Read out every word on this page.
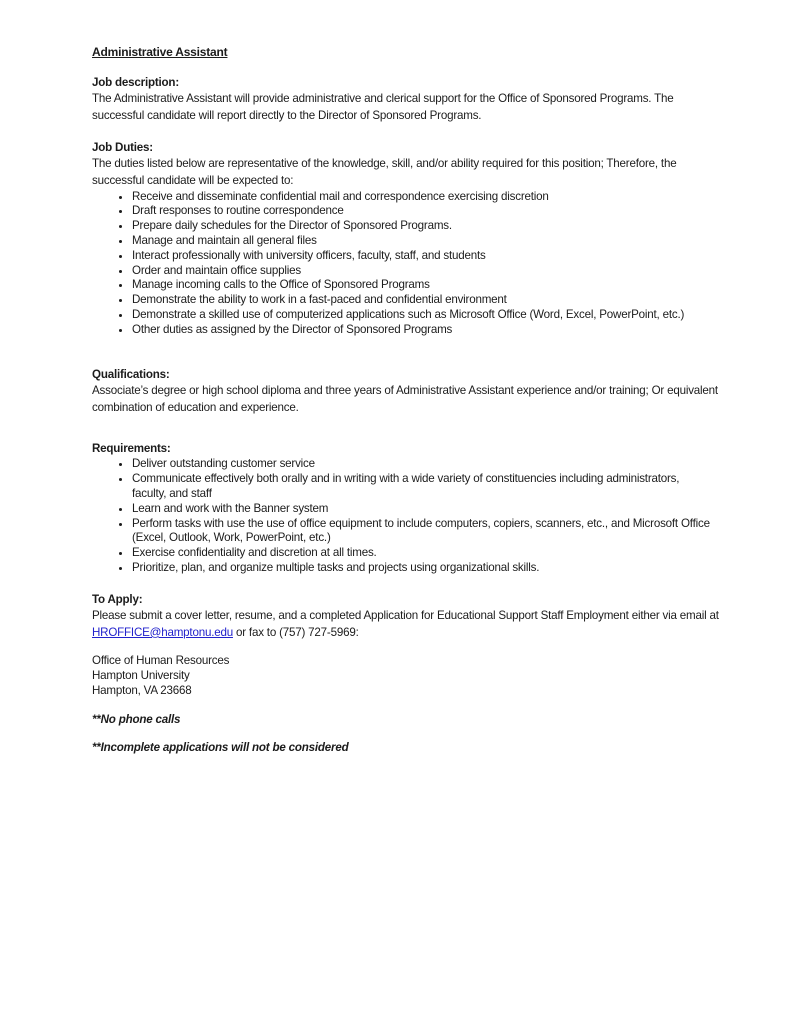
Administrative Assistant

Job description:

The Administrative Assistant will provide administrative and clerical support for the Office of Sponsored Programs. The
successful candidate will report directly to the Director of Sponsored Programs.

Job Duties:

The duties listed below are representative of the knowledge, skill, and/or ability required for this position; Therefore, the
successful candidate will be expected to:

• Receive and disseminate confidential mail and correspondence exercising discretion
• Draft responses to routine correspondence
• Prepare daily schedules for the Director of Sponsored Programs.
• Manage and maintain all general files
• Interact professionally with university officers, faculty, staff, and students
• Order and maintain office supplies
• Manage incoming calls to the Office of Sponsored Programs
• Demonstrate the ability to work in a fast-paced and confidential environment
• Demonstrate a skilled use of computerized applications such as Microsoft Office (Word, Excel, PowerPoint, etc.)
• Other duties as assigned by the Director of Sponsored Programs

Qualifications:

Associate’s degree or high school diploma and three years of Administrative Assistant experience and/or training; Or equivalent
combination of education and experience.

Requirements:

• Deliver outstanding customer service
• Communicate effectively both orally and in writing with a wide variety of constituencies including administrators,
faculty, and staff
• Learn and work with the Banner system
• Perform tasks with use the use of office equipment to include computers, copiers, scanners, etc., and Microsoft Office
(Excel, Outlook, Work, PowerPoint, etc.)
• Exercise confidentiality and discretion at all times.
• Prioritize, plan, and organize multiple tasks and projects using organizational skills.

To Apply:

Please submit a cover letter, resume, and a completed Application for Educational Support Staff Employment either via email at
HROFFICE@hamptonu.edu or fax to (757) 727-5969:

Office of Human Resources
Hampton University
Hampton, VA 23668

**No phone calls

**Incomplete applications will not be considered
